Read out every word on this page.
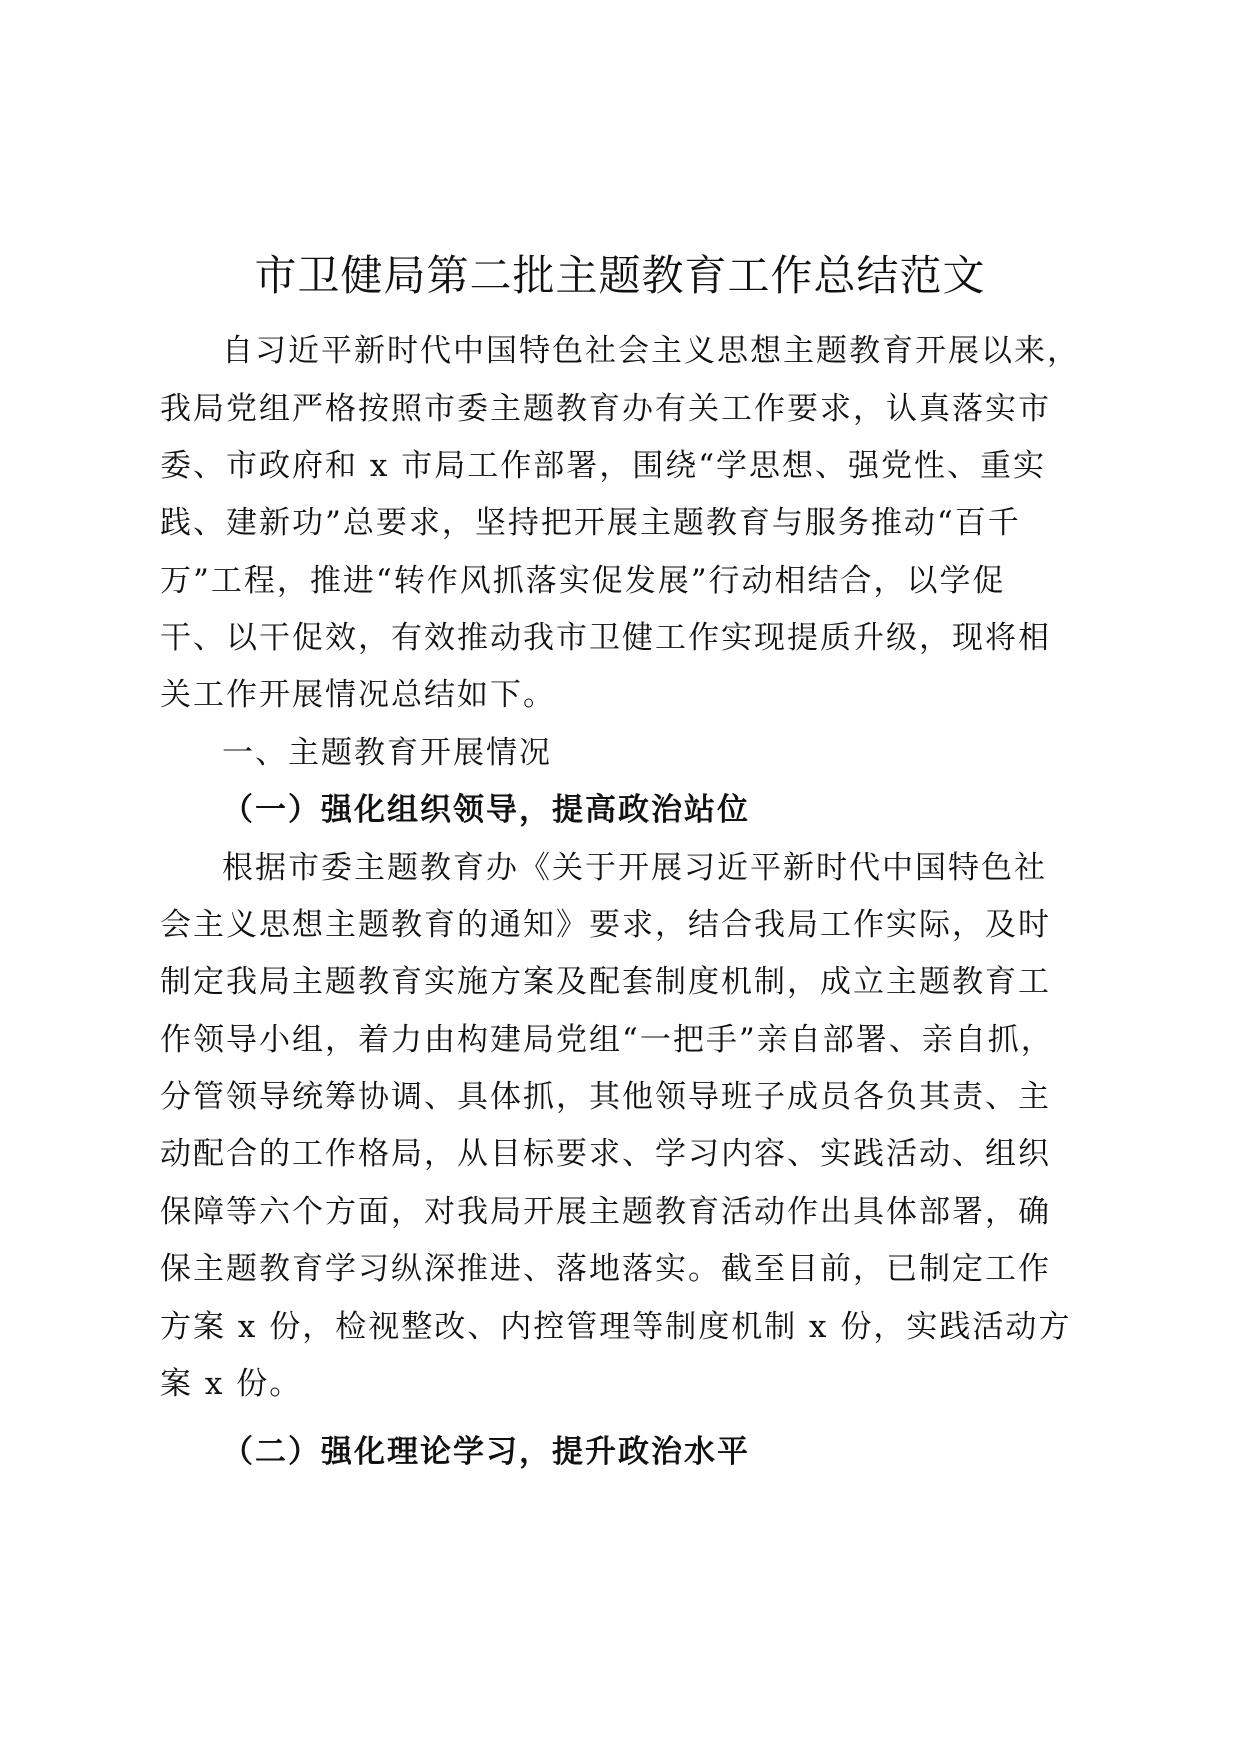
市卫健局第二批主题教育工作总结范文
自习近平新时代中国特色社会主义思想主题教育开展以来，
我局党组严格按照市委主题教育办有关工作要求，认真落实市
委、市政府和 x 市局工作部署，围绕“学思想、强党性、重实
践、建新功”总要求，坚持把开展主题教育与服务推动“百千
万”工程，推进“转作风抓落实促发展”行动相结合，以学促
干、以干促效，有效推动我市卫健工作实现提质升级，现将相
关工作开展情况总结如下。
一、主题教育开展情况
（一）强化组织领导，提高政治站位
根据市委主题教育办《关于开展习近平新时代中国特色社
会主义思想主题教育的通知》要求，结合我局工作实际，及时
制定我局主题教育实施方案及配套制度机制，成立主题教育工
作领导小组，着力由构建局党组“一把手”亲自部署、亲自抓，
分管领导统筹协调、具体抓，其他领导班子成员各负其责、主
动配合的工作格局，从目标要求、学习内容、实践活动、组织
保障等六个方面，对我局开展主题教育活动作出具体部署，确
保主题教育学习纵深推进、落地落实。截至目前，已制定工作
方案 x 份，检视整改、内控管理等制度机制 x 份，实践活动方
案 x 份。
（二）强化理论学习，提升政治水平
